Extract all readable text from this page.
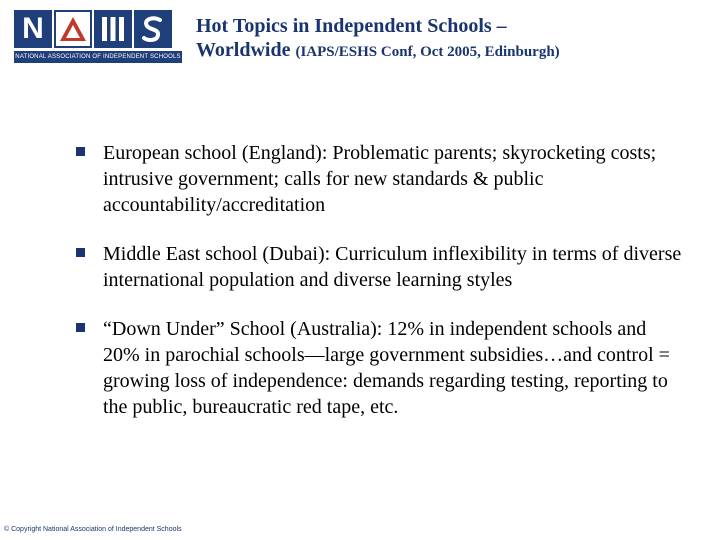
N
NATIONAL ASSOCIATION OF INDEPENDENT SCHOOLS
Hot Topics in Independent Schools –
Worldwide (IAPS/ESHS Conf, Oct 2005, Edinburgh)
European school (England): Problematic parents; skyrocketing costs; intrusive government; calls for new standards & public accountability/accreditation
Middle East school (Dubai): Curriculum inflexibility in terms of diverse international population and diverse learning styles
“Down Under” School (Australia): 12% in independent schools and 20% in parochial schools—large government subsidies…and control = growing loss of independence: demands regarding testing, reporting to the public, bureaucratic red tape, etc.
© Copyright National Association of Independent Schools
